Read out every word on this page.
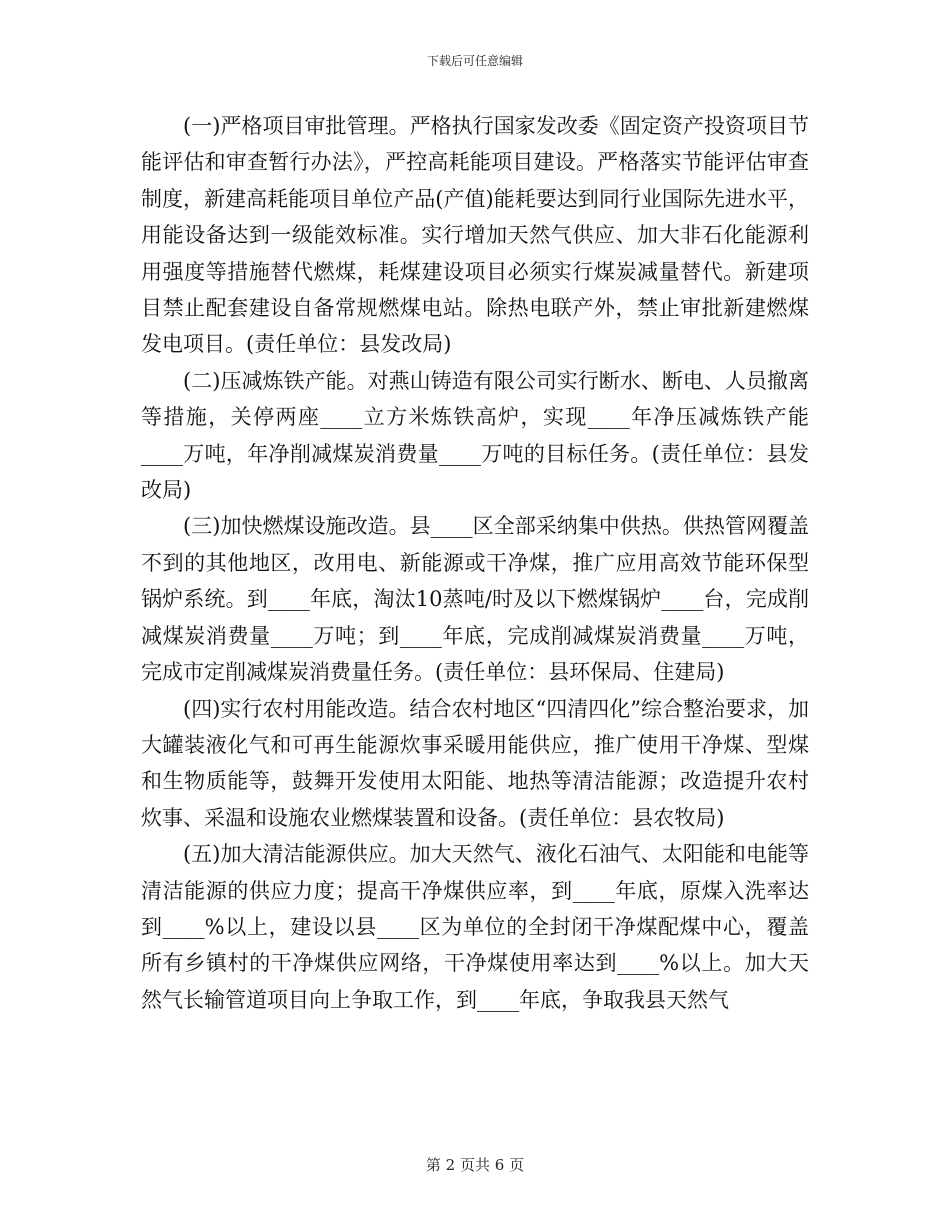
下载后可任意编辑

(一)严格项目审批管理。严格执行国家发改委《固定资产投资项目节能评估和审查暂行办法》，严控高耗能项目建设。严格落实节能评估审查制度，新建高耗能项目单位产品(产值)能耗要达到同行业国际先进水平，用能设备达到一级能效标准。实行增加天然气供应、加大非石化能源利用强度等措施替代燃煤，耗煤建设项目必须实行煤炭减量替代。新建项目禁止配套建设自备常规燃煤电站。除热电联产外，禁止审批新建燃煤发电项目。(责任单位：县发改局)

(二)压减炼铁产能。对燕山铸造有限公司实行断水、断电、人员撤离等措施，关停两座____立方米炼铁高炉，实现____年净压减炼铁产能____万吨，年净削减煤炭消费量____万吨的目标任务。(责任单位：县发改局)

(三)加快燃煤设施改造。县____区全部采纳集中供热。供热管网覆盖不到的其他地区，改用电、新能源或干净煤，推广应用高效节能环保型锅炉系统。到____年底，淘汰10蒸吨/时及以下燃煤锅炉____台，完成削减煤炭消费量____万吨；到____年底，完成削减煤炭消费量____万吨，完成市定削减煤炭消费量任务。(责任单位：县环保局、住建局)

(四)实行农村用能改造。结合农村地区“四清四化”综合整治要求，加大罐装液化气和可再生能源炊事采暖用能供应，推广使用干净煤、型煤和生物质能等，鼓舞开发使用太阳能、地热等清洁能源；改造提升农村炊事、采温和设施农业燃煤装置和设备。(责任单位：县农牧局)

(五)加大清洁能源供应。加大天然气、液化石油气、太阳能和电能等清洁能源的供应力度；提高干净煤供应率，到____年底，原煤入洗率达到____%以上，建设以县____区为单位的全封闭干净煤配煤中心，覆盖所有乡镇村的干净煤供应网络，干净煤使用率达到____%以上。加大天然气长输管道项目向上争取工作，到____年底，争取我县天然气

第 2 页共 6 页
